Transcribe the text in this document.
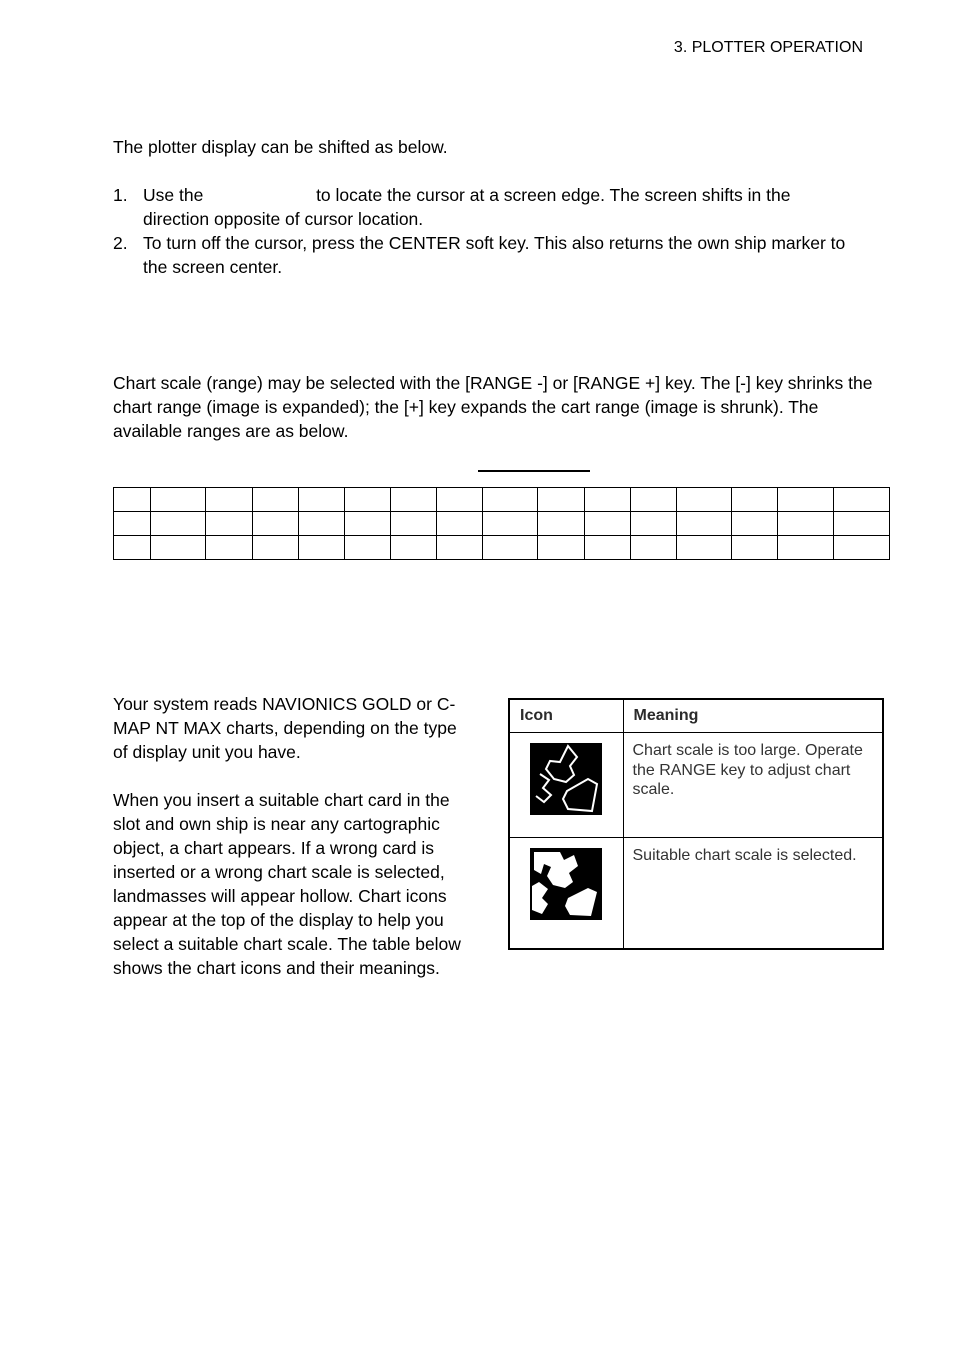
3. PLOTTER OPERATION

The plotter display can be shifted as below.

1. Use the	to locate the cursor at a screen edge. The screen shifts in the direction opposite of cursor location.
2. To turn off the cursor, press the CENTER soft key. This also returns the own ship marker to the screen center.

Chart scale (range) may be selected with the [RANGE -] or [RANGE +] key. The [-] key shrinks the chart range (image is expanded); the [+] key expands the cart range (image is shrunk). The available ranges are as below.

Your system reads NAVIONICS GOLD or C-MAP NT MAX charts, depending on the type of display unit you have.

When you insert a suitable chart card in the slot and own ship is near any cartographic object, a chart appears. If a wrong card is inserted or a wrong chart scale is selected, landmasses will appear hollow. Chart icons appear at the top of the display to help you select a suitable chart scale. The table below shows the chart icons and their meanings.

Icon	Meaning
	Chart scale is too large. Operate the RANGE key to adjust chart scale.
	Suitable chart scale is selected.
